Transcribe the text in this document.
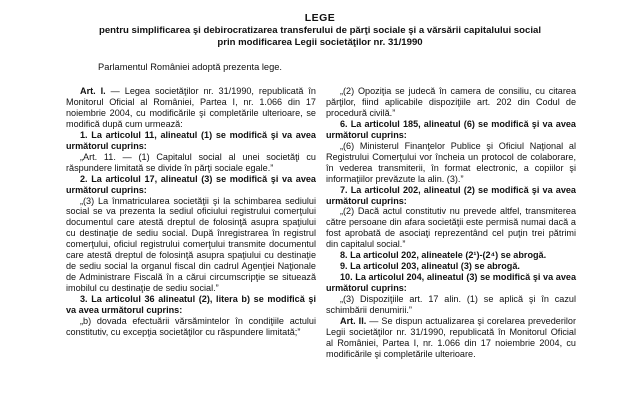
LEGE
pentru simplificarea şi debirocratizarea transferului de părţi sociale şi a vărsării capitalului social
prin modificarea Legii societăţilor nr. 31/1990
Parlamentul României adoptă prezenta lege.

Art. I. — Legea societăţilor nr. 31/1990, republicată în Monitorul Oficial al României, Partea I, nr. 1.066 din 17 noiembrie 2004, cu modificările şi completările ulterioare, se modifică după cum urmează:

1. La articolul 11, alineatul (1) se modifică şi va avea următorul cuprins:

„Art. 11. — (1) Capitalul social al unei societăţi cu răspundere limitată se divide în părţi sociale egale.”

2. La articolul 17, alineatul (3) se modifică şi va avea următorul cuprins:

„(3) La înmatricularea societăţii şi la schimbarea sediului social se va prezenta la sediul oficiului registrului comerţului documentul care atestă dreptul de folosinţă asupra spaţiului cu destinaţie de sediu social. După înregistrarea în registrul comerţului, oficiul registrului comerţului transmite documentul care atestă dreptul de folosinţă asupra spaţiului cu destinaţie de sediu social la organul fiscal din cadrul Agenţiei Naţionale de Administrare Fiscală în a cărui circumscripţie se situează imobilul cu destinaţie de sediu social.”

3. La articolul 36 alineatul (2), litera b) se modifică şi va avea următorul cuprins:

„b) dovada efectuării vărsămintelor în condiţiile actului constitutiv, cu excepţia societăţilor cu răspundere limitată;”

„(2) Opoziţia se judecă în camera de consiliu, cu citarea părţilor, fiind aplicabile dispoziţiile art. 202 din Codul de procedură civilă.”

6. La articolul 185, alineatul (6) se modifică şi va avea următorul cuprins:

„(6) Ministerul Finanţelor Publice şi Oficiul Naţional al Registrului Comerţului vor încheia un protocol de colaborare, în vederea transmiterii, în format electronic, a copiilor şi informaţiilor prevăzute la alin. (3).”

7. La articolul 202, alineatul (2) se modifică şi va avea următorul cuprins:

„(2) Dacă actul constitutiv nu prevede altfel, transmiterea către persoane din afara societăţii este permisă numai dacă a fost aprobată de asociaţi reprezentând cel puţin trei pătrimi din capitalul social.”

8. La articolul 202, alineatele (2¹)-(2⁴) se abrogă.

9. La articolul 203, alineatul (3) se abrogă.

10. La articolul 204, alineatul (3) se modifică şi va avea următorul cuprins:

„(3) Dispoziţiile art. 17 alin. (1) se aplică şi în cazul schimbării denumirii.”

Art. II. — Se dispun actualizarea şi corelarea prevederilor Legii societăţilor nr. 31/1990, republicată în Monitorul Oficial al României, Partea I, nr. 1.066 din 17 noiembrie 2004, cu modificările şi completările ulterioare.
